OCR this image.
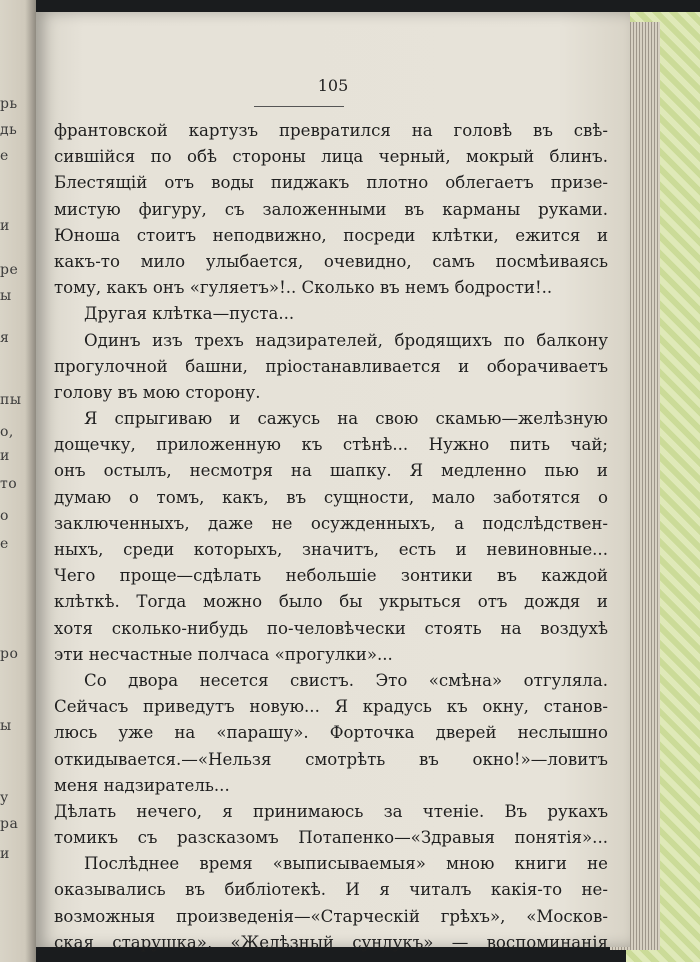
рь
дь
e
и
ре
ы
я
пы
о,
и
то
о
е
ро
ы
у
ра
и
105
франтовской картузъ превратился на головѣ въ свѣ-
сившiйся по обѣ стороны лица черный, мокрый блинъ.
Блестящiй отъ воды пиджакъ плотно облегаетъ призе-
мистую фигуру, съ заложенными въ карманы руками.
Юноша стоитъ неподвижно, посреди клѣтки, ежится и
какъ-то мило улыбается, очевидно, самъ посмѣиваясь
тому, какъ онъ «гуляетъ»!.. Сколько въ немъ бодрости!..
Другая клѣтка—пуста...
Одинъ изъ трехъ надзирателей, бродящихъ по балкону
прогулочной башни, прiостанавливается и оборачиваетъ
голову въ мою сторону.
Я спрыгиваю и сажусь на свою скамью—желѣзную
дощечку, приложенную къ стѣнѣ... Нужно пить чай;
онъ остылъ, несмотря на шапку. Я медленно пью и
думаю о томъ, какъ, въ сущности, мало заботятся о
заключенныхъ, даже не осужденныхъ, а подслѣдствен-
ныхъ, среди которыхъ, значитъ, есть и невиновные...
Чего проще—сдѣлать небольшiе зонтики въ каждой
клѣткѣ. Тогда можно было бы укрыться отъ дождя и
хотя сколько-нибудь по-человѣчески стоять на воздухѣ
эти несчастные полчаса «прогулки»...
Со двора несется свистъ. Это «смѣна» отгуляла.
Сейчасъ приведутъ новую... Я крадусь къ окну, станов-
люсь уже на «парашу». Форточка дверей неслышно
откидывается.—«Нельзя смотрѣть въ окно!»—ловитъ
меня надзиратель...
Дѣлать нечего, я принимаюсь за чтенiе. Въ рукахъ
томикъ съ разсказомъ Потапенко—«Здравыя понятiя»...
Послѣднее время «выписываемыя» мною книги не
оказывались въ библiотекѣ. И я читалъ какiя-то не-
возможныя произведенiя—«Старческiй грѣхъ», «Москов-
ская старушка», «Желѣзный сундукъ» — воспоминанiя
